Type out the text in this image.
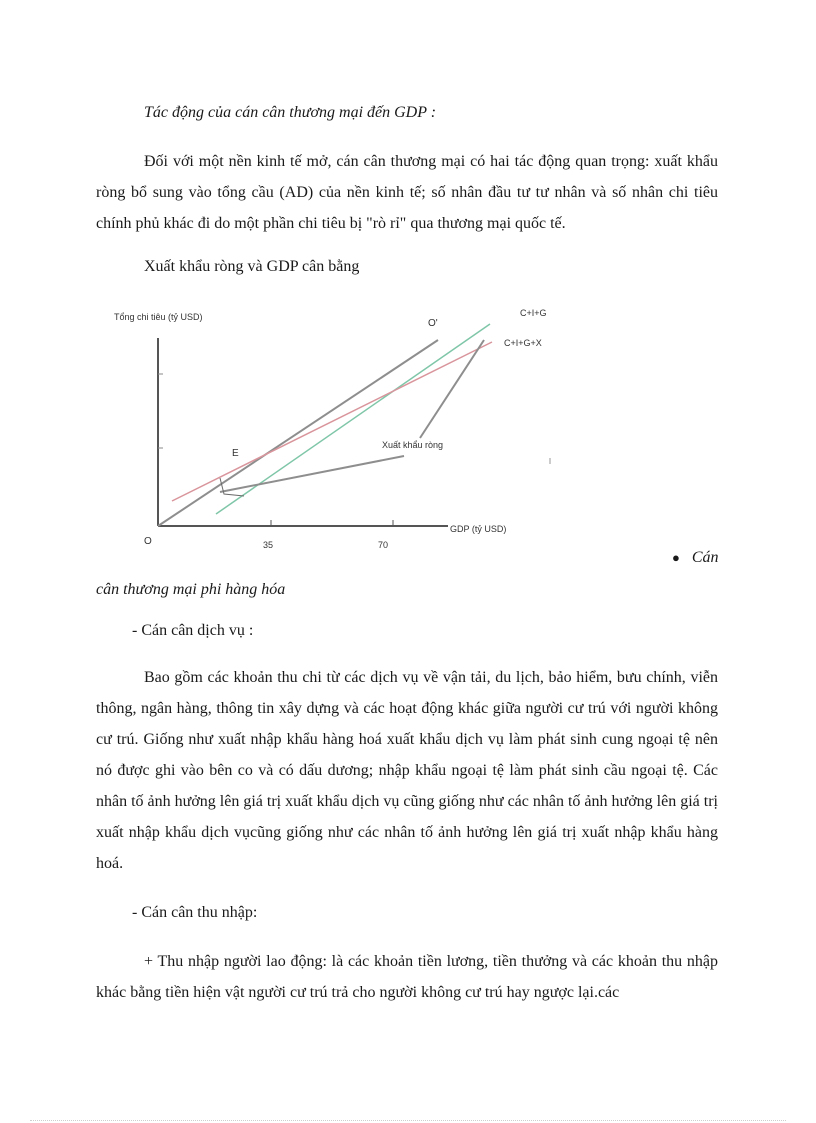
Tác động của cán cân thương mại đến GDP :

Đối với một nền kinh tế mở, cán cân thương mại có hai tác động quan trọng: xuất khẩu ròng bổ sung vào tổng cầu (AD) của nền kinh tế; số nhân đầu tư tư nhân và số nhân chi tiêu chính phủ khác đi do một phần chi tiêu bị "rò rỉ" qua thương mại quốc tế.

Xuất khẩu ròng và GDP cân bằng

Tổng chi tiêu (tỷ USD)
GDP (tỷ USD)
O	35	70
O'
C+I+G
C+I+G+X
E
Xuất khẩu ròng
● Cán

cân thương mại phi hàng hóa

- Cán cân dịch vụ :

Bao gồm các khoản thu chi từ các dịch vụ về vận tải, du lịch, bảo hiểm, bưu chính, viễn thông, ngân hàng, thông tin xây dựng và các hoạt động khác giữa người cư trú với người không cư trú. Giống như xuất nhập khẩu hàng hoá xuất khẩu dịch vụ làm phát sinh cung ngoại tệ nên nó được ghi vào bên co và có dấu dương; nhập khẩu ngoại tệ làm phát sinh cầu ngoại tệ. Các nhân tố ảnh hưởng lên giá trị xuất khẩu dịch vụ cũng giống như các nhân tố ảnh hưởng lên giá trị xuất nhập khẩu dịch vụcũng giống như các nhân tố ảnh hưởng lên giá trị xuất nhập khẩu hàng hoá.

- Cán cân thu nhập:

+ Thu nhập người lao động: là các khoản tiền lương, tiền thưởng và các khoản thu nhập khác bằng tiền hiện vật người cư trú trả cho người không cư trú hay ngược lại.các
